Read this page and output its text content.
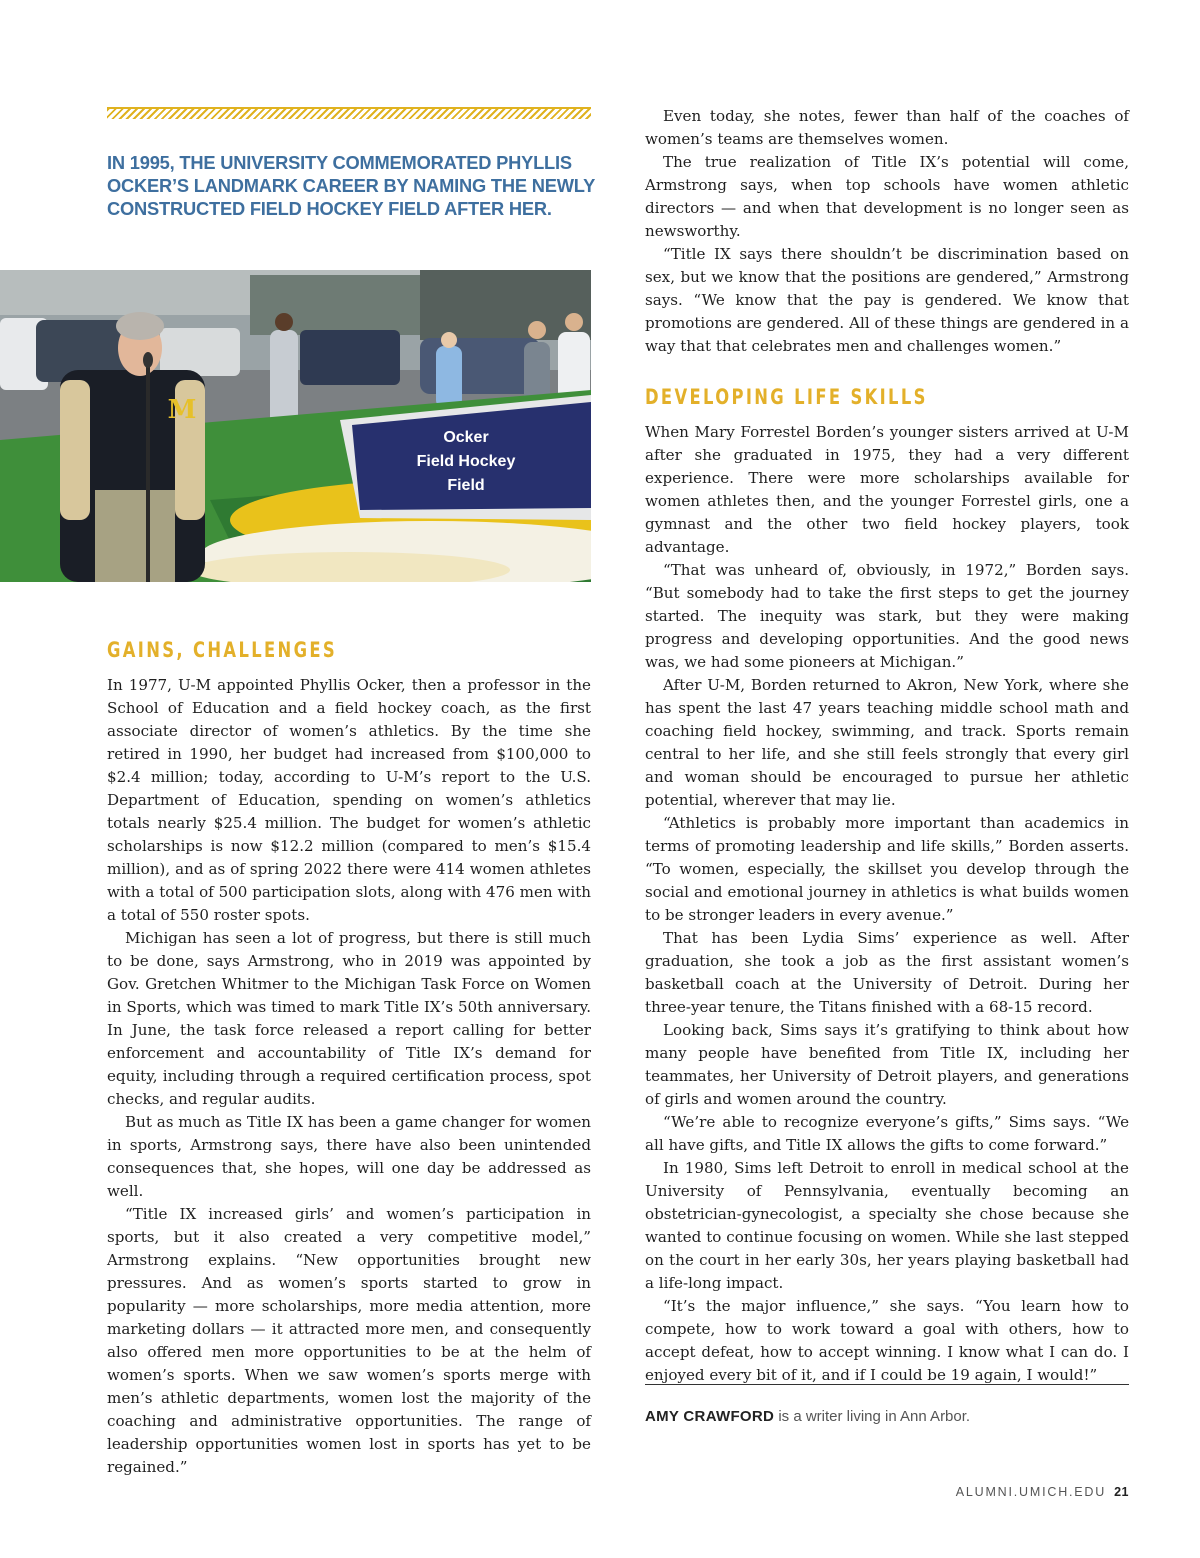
IN 1995, THE UNIVERSITY COMMEMORATED PHYLLIS OCKER’S LANDMARK CAREER BY NAMING THE NEWLY CONSTRUCTED FIELD HOCKEY FIELD AFTER HER.

Ocker
Field Hockey
Field
M
GAINS, CHALLENGES

In 1977, U-M appointed Phyllis Ocker, then a professor in the School of Education and a field hockey coach, as the first associate director of women’s athletics. By the time she retired in 1990, her budget had increased from $100,000 to $2.4 million; today, according to U-M’s report to the U.S. Department of Education, spending on women’s athletics totals nearly $25.4 million. The budget for women’s athletic scholarships is now $12.2 million (compared to men’s $15.4 million), and as of spring 2022 there were 414 women athletes with a total of 500 participation slots, along with 476 men with a total of 550 roster spots.

Michigan has seen a lot of progress, but there is still much to be done, says Armstrong, who in 2019 was appointed by Gov. Gretchen Whitmer to the Michigan Task Force on Women in Sports, which was timed to mark Title IX’s 50th anniversary. In June, the task force released a report calling for better enforcement and accountability of Title IX’s demand for equity, including through a required certification process, spot checks, and regular audits.

But as much as Title IX has been a game changer for women in sports, Armstrong says, there have also been unintended consequences that, she hopes, will one day be addressed as well.

“Title IX increased girls’ and women’s participation in sports, but it also created a very competitive model,” Armstrong explains. “New opportunities brought new pressures. And as women’s sports started to grow in popularity — more scholarships, more media attention, more marketing dollars — it attracted more men, and consequently also offered men more opportunities to be at the helm of women’s sports. When we saw women’s sports merge with men’s athletic departments, women lost the majority of the coaching and administrative opportunities. The range of leadership opportunities women lost in sports has yet to be regained.”

Even today, she notes, fewer than half of the coaches of women’s teams are themselves women.

The true realization of Title IX’s potential will come, Armstrong says, when top schools have women athletic directors — and when that development is no longer seen as newsworthy.

“Title IX says there shouldn’t be discrimination based on sex, but we know that the positions are gendered,” Armstrong says. “We know that the pay is gendered. We know that promotions are gendered. All of these things are gendered in a way that that celebrates men and challenges women.”

DEVELOPING LIFE SKILLS

When Mary Forrestel Borden’s younger sisters arrived at U-M after she graduated in 1975, they had a very different experience. There were more scholarships available for women athletes then, and the younger Forrestel girls, one a gymnast and the other two field hockey players, took advantage.

“That was unheard of, obviously, in 1972,” Borden says. “But somebody had to take the first steps to get the journey started. The inequity was stark, but they were making progress and developing opportunities. And the good news was, we had some pioneers at Michigan.”

After U-M, Borden returned to Akron, New York, where she has spent the last 47 years teaching middle school math and coaching field hockey, swimming, and track. Sports remain central to her life, and she still feels strongly that every girl and woman should be encouraged to pursue her athletic potential, wherever that may lie.

“Athletics is probably more important than academics in terms of promoting leadership and life skills,” Borden asserts. “To women, especially, the skillset you develop through the social and emotional journey in athletics is what builds women to be stronger leaders in every avenue.”

That has been Lydia Sims’ experience as well. After graduation, she took a job as the first assistant women’s basketball coach at the University of Detroit. During her three-year tenure, the Titans finished with a 68-15 record.

Looking back, Sims says it’s gratifying to think about how many people have benefited from Title IX, including her teammates, her University of Detroit players, and generations of girls and women around the country.

“We’re able to recognize everyone’s gifts,” Sims says. “We all have gifts, and Title IX allows the gifts to come forward.”

In 1980, Sims left Detroit to enroll in medical school at the University of Pennsylvania, eventually becoming an obstetrician-gynecologist, a specialty she chose because she wanted to continue focusing on women. While she last stepped on the court in her early 30s, her years playing basketball had a life-long impact.

“It’s the major influence,” she says. “You learn how to compete, how to work toward a goal with others, how to accept defeat, how to accept winning. I know what I can do. I enjoyed every bit of it, and if I could be 19 again, I would!”

AMY CRAWFORD is a writer living in Ann Arbor.

ALUMNI.UMICH.EDU 21
